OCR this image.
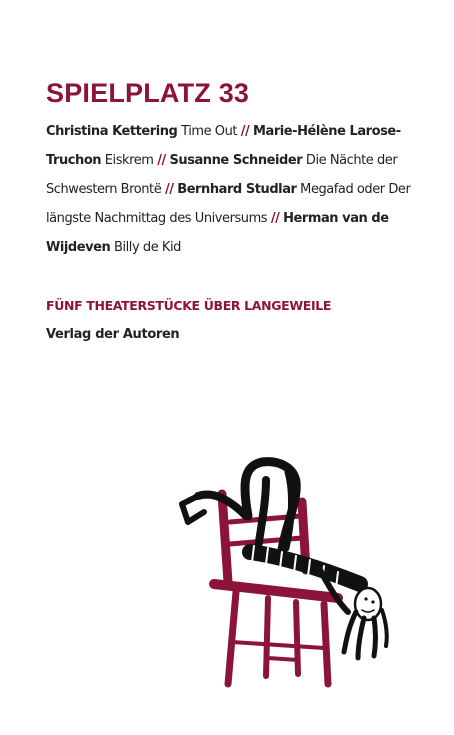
SPIELPLATZ 33

Christina Kettering Time Out // Marie-Hélène Larose-Truchon Eiskrem // Susanne Schneider Die Nächte der Schwestern Brontë // Bernhard Studlar Megafad oder Der längste Nachmittag des Universums // Herman van de Wijdeven Billy de Kid

FÜNF THEATERSTÜCKE ÜBER LANGEWEILE

Verlag der Autoren
